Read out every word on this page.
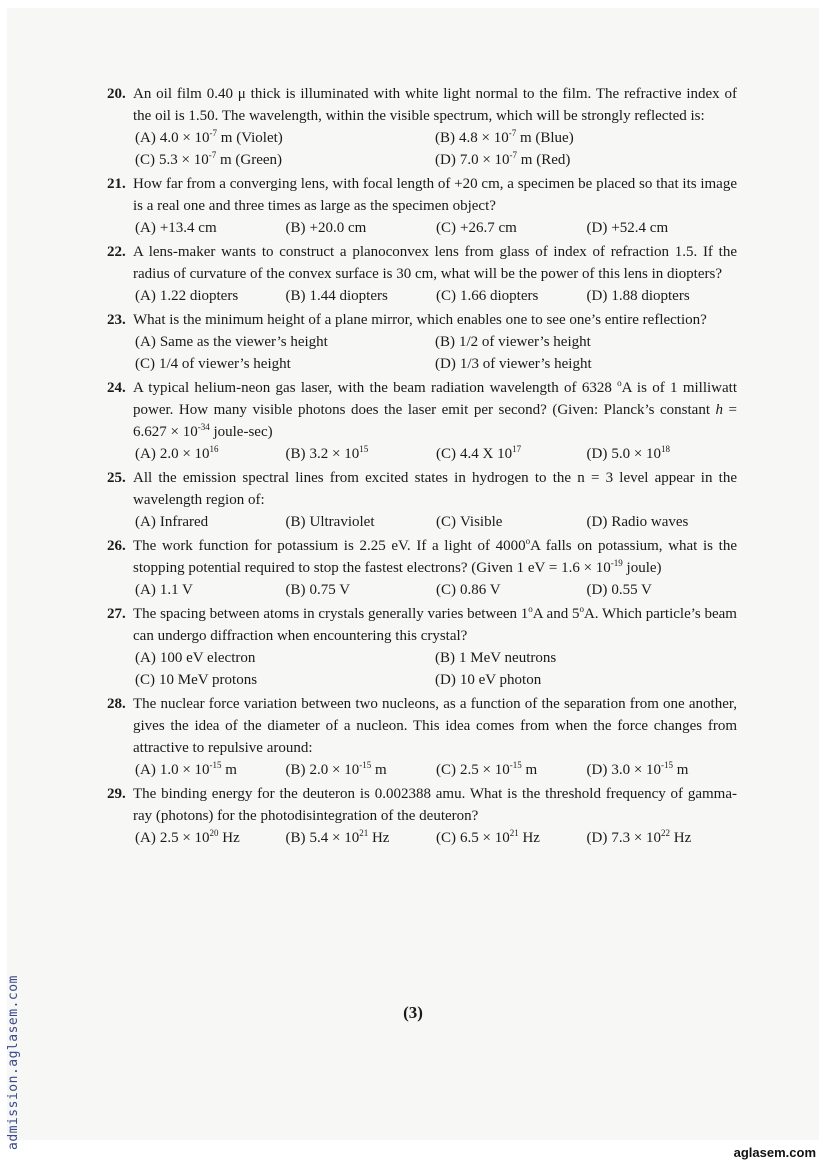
20. An oil film 0.40 μ thick is illuminated with white light normal to the film. The refractive index of the oil is 1.50. The wavelength, within the visible spectrum, which will be strongly reflected is:
(A) $4.0 \times 10^{-7}$ m (Violet)	(B) $4.8 \times 10^{-7}$ m (Blue)
(C) $5.3 \times 10^{-7}$ m (Green)	(D) $7.0 \times 10^{-7}$ m (Red)
21. How far from a converging lens, with focal length of +20 cm, a specimen be placed so that its image is a real one and three times as large as the specimen object?
(A) +13.4 cm	(B) +20.0 cm	(C) +26.7 cm	(D) +52.4 cm
22. A lens-maker wants to construct a planoconvex lens from glass of index of refraction 1.5. If the radius of curvature of the convex surface is 30 cm, what will be the power of this lens in diopters?
(A) 1.22 diopters	(B) 1.44 diopters	(C) 1.66 diopters	(D) 1.88 diopters
23. What is the minimum height of a plane mirror, which enables one to see one’s entire reflection?
(A) Same as the viewer’s height	(B) 1/2 of viewer’s height
(C) 1/4 of viewer’s height	(D) 1/3 of viewer’s height
24. A typical helium-neon gas laser, with the beam radiation wavelength of 6328 $^o$A is of 1 milliwatt power. How many visible photons does the laser emit per second? (Given: Planck’s constant $h = 6.627 \times 10^{-34}$ joule-sec)
(A) $2.0 \times 10^{16}$	(B) $3.2 \times 10^{15}$	(C) 4.4 X $10^{17}$	(D) $5.0 \times 10^{18}$
25. All the emission spectral lines from excited states in hydrogen to the n = 3 level appear in the wavelength region of:
(A) Infrared	(B) Ultraviolet	(C) Visible	(D) Radio waves
26. The work function for potassium is 2.25 eV. If a light of 4000$^o$A falls on potassium, what is the stopping potential required to stop the fastest electrons? (Given 1 eV = $1.6 \times 10^{-19}$ joule)
(A) 1.1 V	(B) 0.75 V	(C) 0.86 V	(D) 0.55 V
27. The spacing between atoms in crystals generally varies between 1$^o$A and 5$^o$A. Which particle’s beam can undergo diffraction when encountering this crystal?
(A) 100 eV electron	(B) 1 MeV neutrons
(C) 10 MeV protons	(D) 10 eV photon
28. The nuclear force variation between two nucleons, as a function of the separation from one another, gives the idea of the diameter of a nucleon. This idea comes from when the force changes from attractive to repulsive around:
(A) $1.0 \times 10^{-15}$ m	(B) $2.0 \times 10^{-15}$ m	(C) $2.5 \times 10^{-15}$ m	(D) $3.0 \times 10^{-15}$ m
29. The binding energy for the deuteron is 0.002388 amu. What is the threshold frequency of gamma-ray (photons) for the photodisintegration of the deuteron?
(A) $2.5 \times 10^{20}$ Hz	(B) $5.4 \times 10^{21}$ Hz	(C) $6.5 \times 10^{21}$ Hz	(D) $7.3 \times 10^{22}$ Hz
(3)
admission.aglasem.com
aglasem.com
